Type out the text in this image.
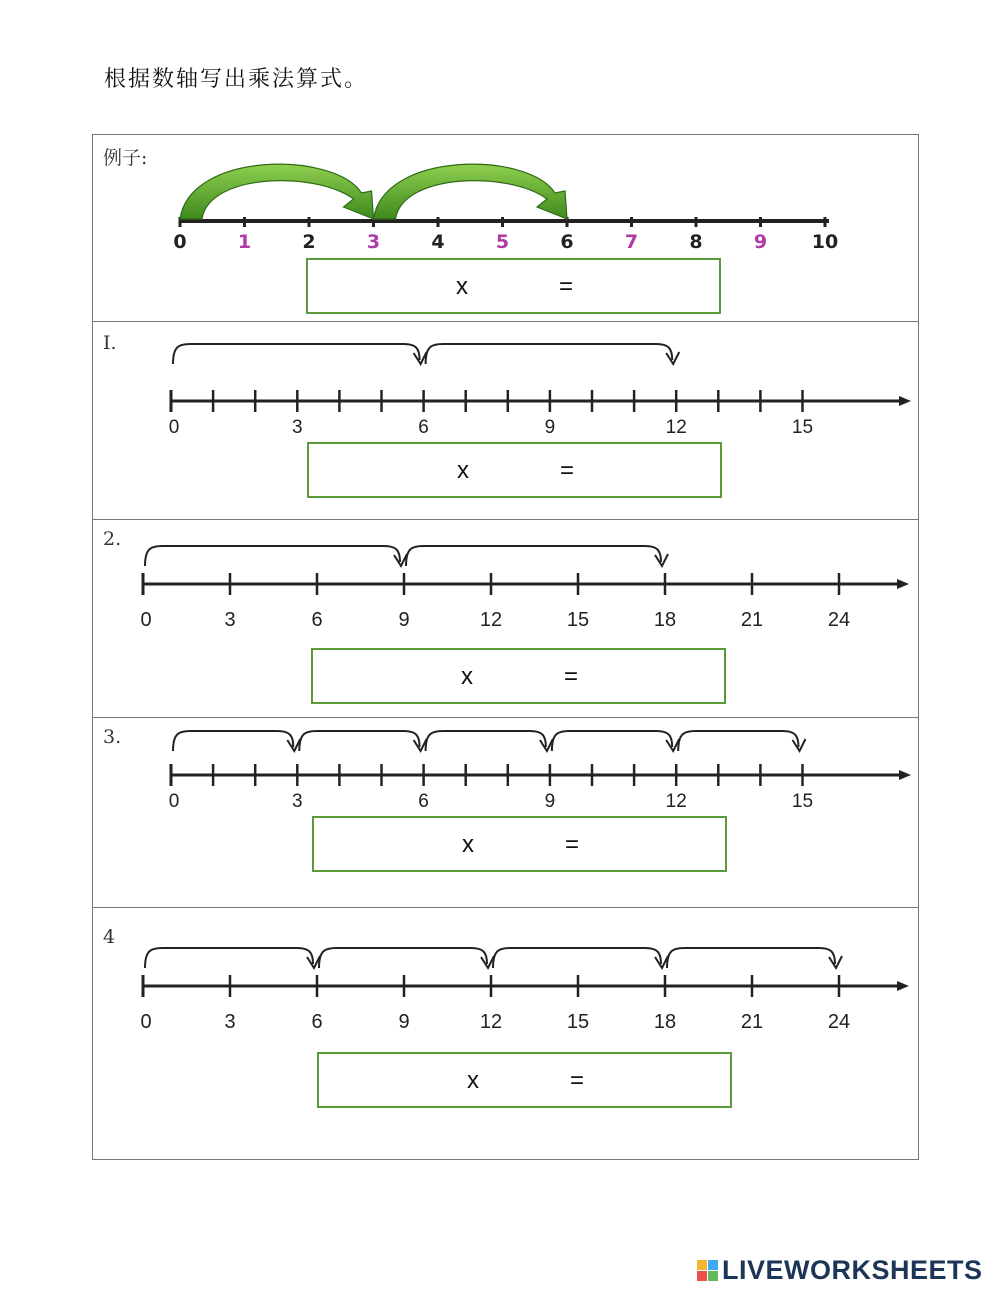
根据数轴写出乘法算式。
例子:
0	1	2	3	4	5	6	7	8	9 10
x	=
I.
0	3	6	9	12	15
x	=
2.
0	3	6	9	12	15	18	21	24
x	=
3.
0	3	6	9	12	15
x	=
4
0	3	6	9	12	15	18	21	24
x	=
LIVEWORKSHEETS
